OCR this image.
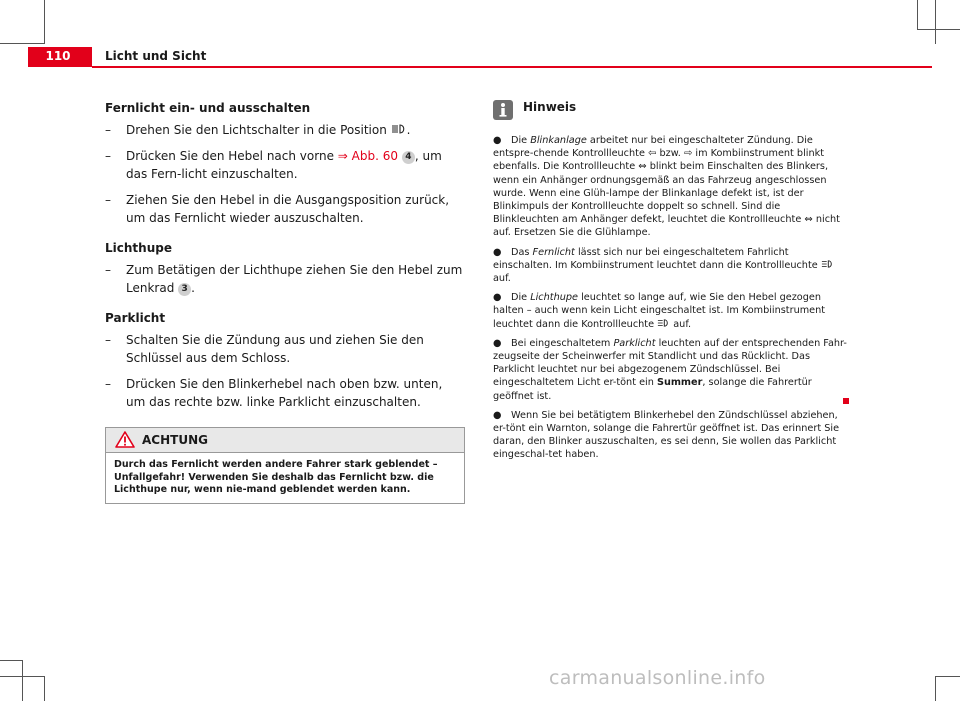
110	Licht und Sicht
Fernlicht ein- und ausschalten
– Drehen Sie den Lichtschalter in die Position .
– Drücken Sie den Hebel nach vorne ⇒ Abb. 60 4 , um das Fern-licht einzuschalten.
– Ziehen Sie den Hebel in die Ausgangsposition zurück, um das Fernlicht wieder auszuschalten.
Lichthupe
– Zum Betätigen der Lichthupe ziehen Sie den Hebel zum Lenkrad 3 .
Parklicht
– Schalten Sie die Zündung aus und ziehen Sie den Schlüssel aus dem Schloss.
– Drücken Sie den Blinkerhebel nach oben bzw. unten, um das rechte bzw. linke Parklicht einzuschalten.
ACHTUNG
Durch das Fernlicht werden andere Fahrer stark geblendet – Unfallgefahr! Verwenden Sie deshalb das Fernlicht bzw. die Lichthupe nur, wenn nie-mand geblendet werden kann.
Hinweis
● Die Blinkanlage arbeitet nur bei eingeschalteter Zündung. Die entspre-chende Kontrollleuchte ⇦ bzw. ⇨ im Kombiinstrument blinkt ebenfalls. Die Kontrollleuchte ⇔ blinkt beim Einschalten des Blinkers, wenn ein Anhänger ordnungsgemäß an das Fahrzeug angeschlossen wurde. Wenn eine Glüh-lampe der Blinkanlage defekt ist, ist der Blinkimpuls der Kontrollleuchte doppelt so schnell. Sind die Blinkleuchten am Anhänger defekt, leuchtet die Kontrollleuchte ⇔ nicht auf. Ersetzen Sie die Glühlampe.
● Das Fernlicht lässt sich nur bei eingeschaltetem Fahrlicht einschalten. Im Kombiinstrument leuchtet dann die Kontrollleuchte  auf.
● Die Lichthupe leuchtet so lange auf, wie Sie den Hebel gezogen halten – auch wenn kein Licht eingeschaltet ist. Im Kombiinstrument leuchtet dann die Kontrollleuchte auf.
● Bei eingeschaltetem Parklicht leuchten auf der entsprechenden Fahr-zeugseite der Scheinwerfer mit Standlicht und das Rücklicht. Das Parklicht leuchtet nur bei abgezogenem Zündschlüssel. Bei eingeschaltetem Licht er-tönt ein Summer, solange die Fahrertür geöffnet ist.
● Wenn Sie bei betätigtem Blinkerhebel den Zündschlüssel abziehen, er-tönt ein Warnton, solange die Fahrertür geöffnet ist. Das erinnert Sie daran, den Blinker auszuschalten, es sei denn, Sie wollen das Parklicht eingeschal-tet haben.
carmanualsonline.info
